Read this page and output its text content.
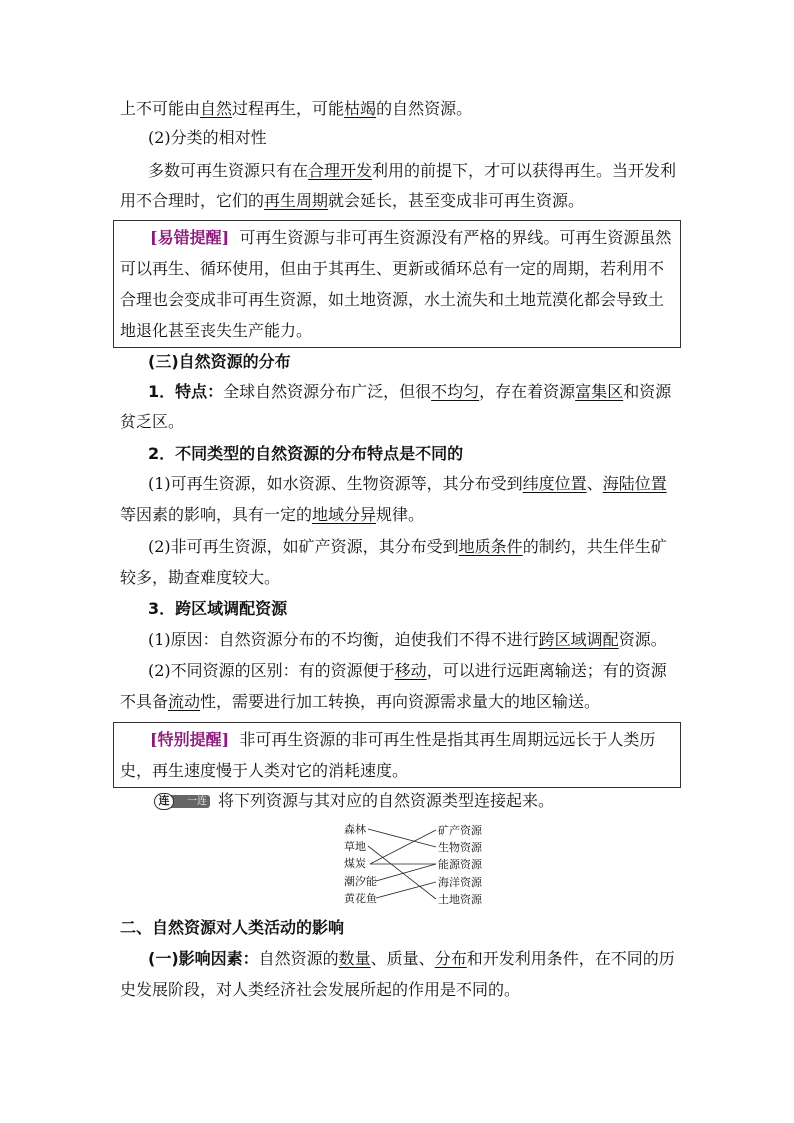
上不可能由自然过程再生，可能枯竭的自然资源。
(2)分类的相对性
多数可再生资源只有在合理开发利用的前提下，才可以获得再生。当开发利
用不合理时，它们的再生周期就会延长，甚至变成非可再生资源。
[易错提醒] 可再生资源与非可再生资源没有严格的界线。可再生资源虽然
可以再生、循环使用，但由于其再生、更新或循环总有一定的周期，若利用不
合理也会变成非可再生资源，如土地资源，水土流失和土地荒漠化都会导致土
地退化甚至丧失生产能力。
(三)自然资源的分布
1．特点：全球自然资源分布广泛，但很不均匀，存在着资源富集区和资源
贫乏区。
2．不同类型的自然资源的分布特点是不同的
(1)可再生资源，如水资源、生物资源等，其分布受到纬度位置、海陆位置
等因素的影响，具有一定的地域分异规律。
(2)非可再生资源，如矿产资源，其分布受到地质条件的制约，共生伴生矿
较多，勘查难度较大。
3．跨区域调配资源
(1)原因：自然资源分布的不均衡，迫使我们不得不进行跨区域调配资源。
(2)不同资源的区别：有的资源便于移动，可以进行远距离输送；有的资源
不具备流动性，需要进行加工转换，再向资源需求量大的地区输送。
[特别提醒] 非可再生资源的非可再生性是指其再生周期远远长于人类历
史，再生速度慢于人类对它的消耗速度。
连	一连 将下列资源与其对应的自然资源类型连接起来。
森林
草地
煤炭
潮汐能
黄花鱼
矿产资源
生物资源
能源资源
海洋资源
土地资源
二、自然资源对人类活动的影响
(一)影响因素：自然资源的数量、质量、分布和开发利用条件，在不同的历
史发展阶段，对人类经济社会发展所起的作用是不同的。
